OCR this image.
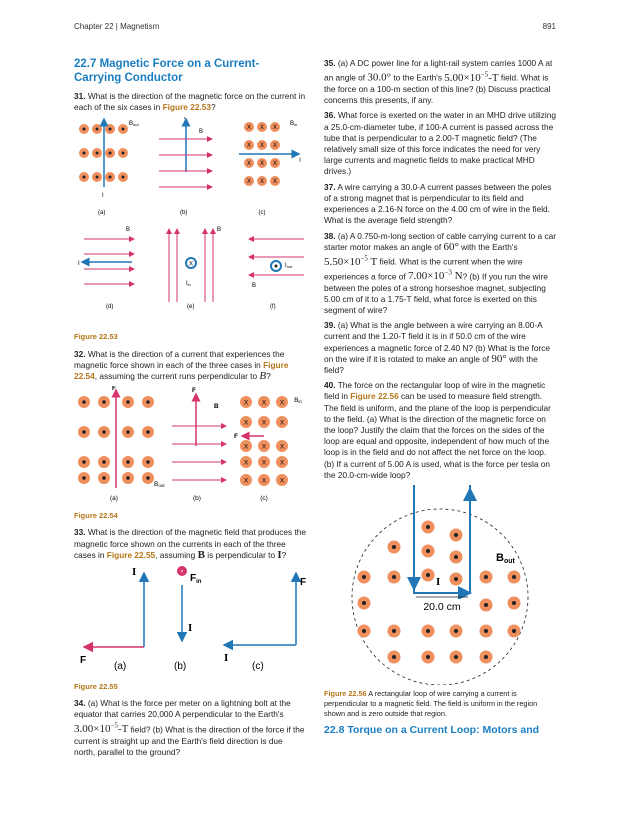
Chapter 22 | Magnetism	891
22.7 Magnetic Force on a Current-Carrying Conductor
31. What is the direction of the magnetic force on the current in each of the six cases in Figure 22.53?
Bout
I
(a)
I
B
(b)
X X X
X X X
X X X
X X X
Bin
I
(c)
B
I
(d)
X
Iin
B
(e)
Iout
B
(f)
Figure 22.53
32. What is the direction of a current that experiences the magnetic force shown in each of the three cases in Figure 22.54, assuming the current runs perpendicular to B?
F
Bout
(a)
F
B
(b)
X X X
X X X
X X X
X X X
X X X
F
Bin
(c)
Figure 22.54
33. What is the direction of the magnetic field that produces the magnetic force shown on the currents in each of the three cases in Figure 22.55, assuming B is perpendicular to I?
I
F
(a)
×
$F_{in}$
I
(b)
F
I
(c)
Figure 22.55
34. (a) What is the force per meter on a lightning bolt at the equator that carries 20,000 A perpendicular to the Earth's $3.00\times 10^{-5}-T$ field? (b) What is the direction of the force if the current is straight up and the Earth's field direction is due north, parallel to the ground?
35. (a) A DC power line for a light-rail system carries 1000 A at an angle of 30.0° to the Earth's $5.00\times 10^{-5}-T$ field. What is the force on a 100-m section of this line? (b) Discuss practical concerns this presents, if any.
36. What force is exerted on the water in an MHD drive utilizing a 25.0-cm-diameter tube, if 100-A current is passed across the tube that is perpendicular to a 2.00-T magnetic field? (The relatively small size of this force indicates the need for very large currents and magnetic fields to make practical MHD drives.)
37. A wire carrying a 30.0-A current passes between the poles of a strong magnet that is perpendicular to its field and experiences a 2.16-N force on the 4.00 cm of wire in the field. What is the average field strength?
38. (a) A 0.750-m-long section of cable carrying current to a car starter motor makes an angle of 60° with the Earth's $5.50\times 10^{-5}$ T field. What is the current when the wire experiences a force of $7.00\times 10^{-3}$ N? (b) If you run the wire between the poles of a strong horseshoe magnet, subjecting 5.00 cm of it to a 1.75-T field, what force is exerted on this segment of wire?
39. (a) What is the angle between a wire carrying an 8.00-A current and the 1.20-T field it is in if 50.0 cm of the wire experiences a magnetic force of 2.40 N? (b) What is the force on the wire if it is rotated to make an angle of 90° with the field?
40. The force on the rectangular loop of wire in the magnetic field in Figure 22.56 can be used to measure field strength. The field is uniform, and the plane of the loop is perpendicular to the field. (a) What is the direction of the magnetic force on the loop? Justify the claim that the forces on the sides of the loop are equal and opposite, independent of how much of the loop is in the field and do not affect the net force on the loop. (b) If a current of 5.00 A is used, what is the force per tesla on the 20.0-cm-wide loop?
I
20.0 cm
Bout
Figure 22.56 A rectangular loop of wire carrying a current is perpendicular to a magnetic field. The field is uniform in the region shown and is zero outside that region.
22.8 Torque on a Current Loop: Motors and
